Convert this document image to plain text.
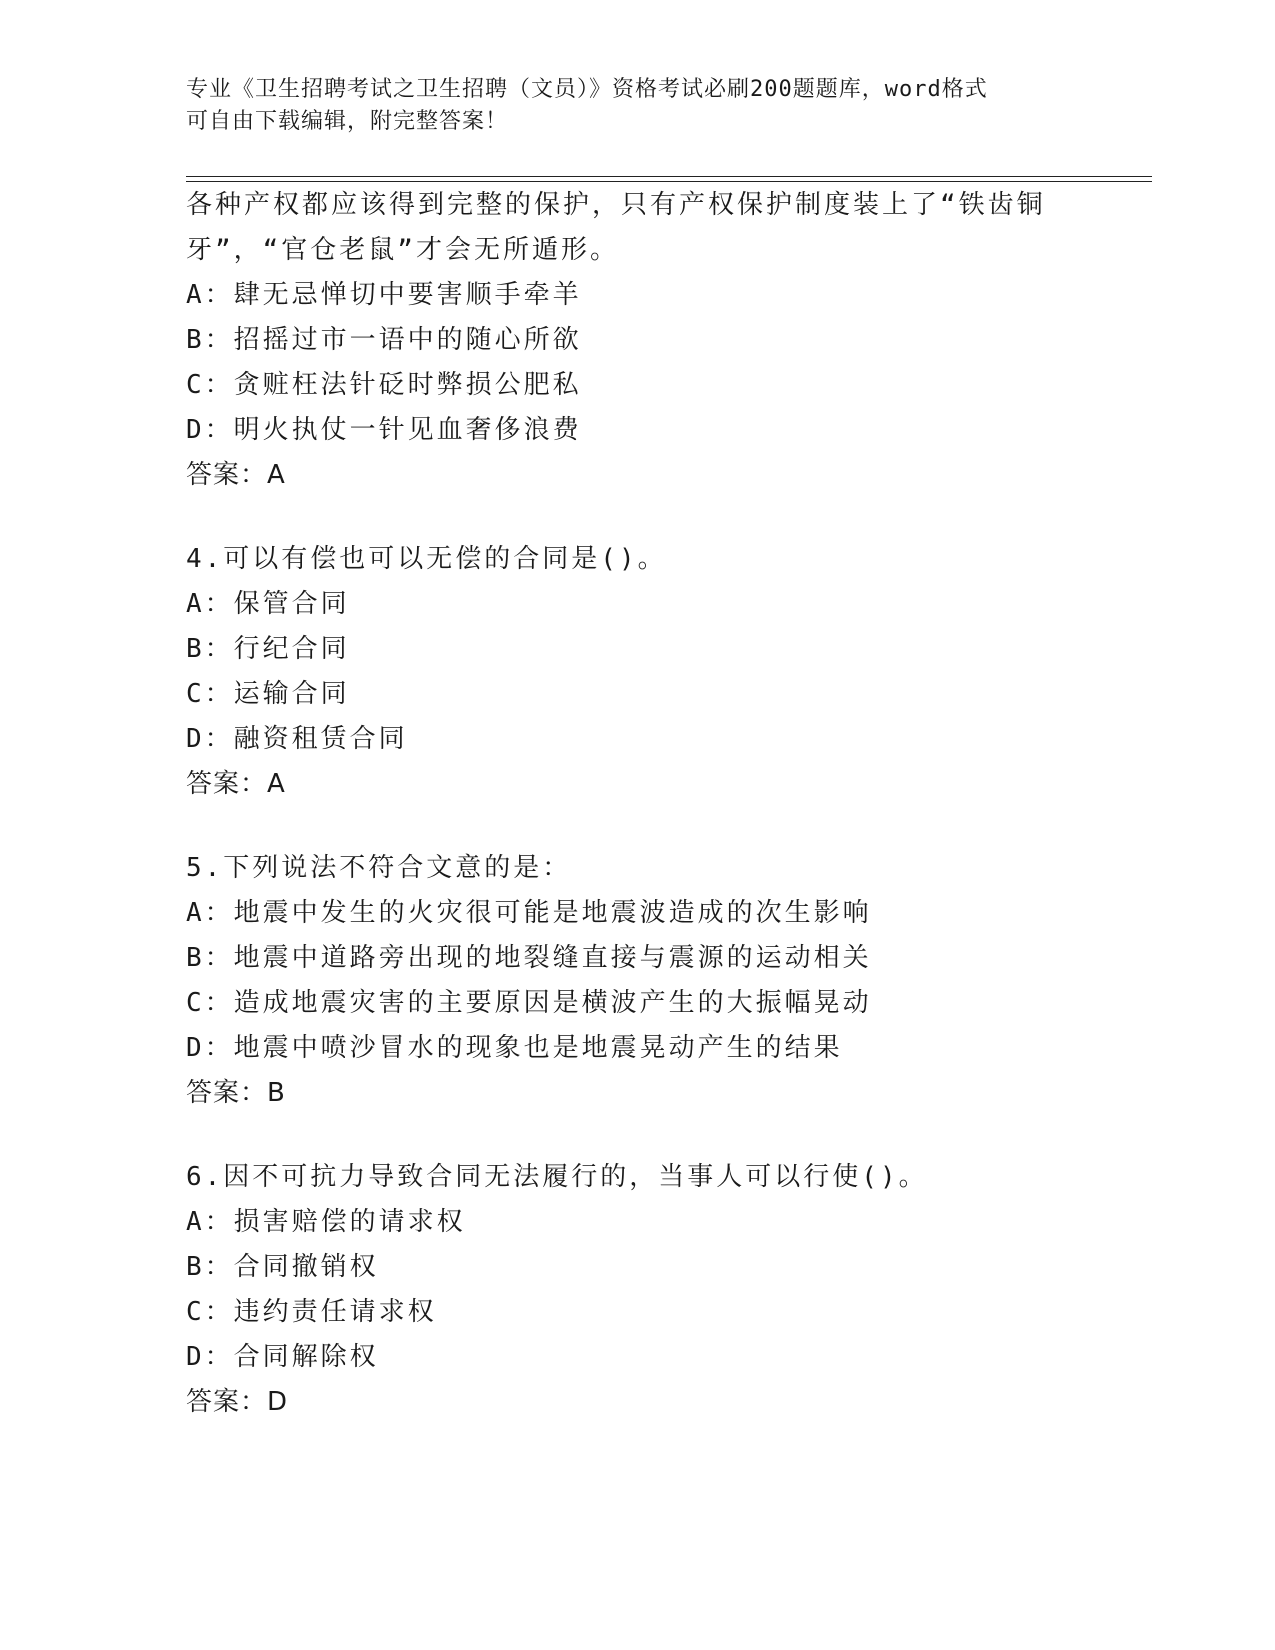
专业《卫生招聘考试之卫生招聘（文员）》资格考试必刷200题题库，word格式
可自由下载编辑，附完整答案！
各种产权都应该得到完整的保护，只有产权保护制度装上了“铁齿铜
牙”，“官仓老鼠”才会无所遁形。
A：肆无忌惮切中要害顺手牵羊
B：招摇过市一语中的随心所欲
C：贪赃枉法针砭时弊损公肥私
D：明火执仗一针见血奢侈浪费
答案：A
4.可以有偿也可以无偿的合同是()。
A：保管合同
B：行纪合同
C：运输合同
D：融资租赁合同
答案：A
5.下列说法不符合文意的是：
A：地震中发生的火灾很可能是地震波造成的次生影响
B：地震中道路旁出现的地裂缝直接与震源的运动相关
C：造成地震灾害的主要原因是横波产生的大振幅晃动
D：地震中喷沙冒水的现象也是地震晃动产生的结果
答案：B
6.因不可抗力导致合同无法履行的，当事人可以行使()。
A：损害赔偿的请求权
B：合同撤销权
C：违约责任请求权
D：合同解除权
答案：D
